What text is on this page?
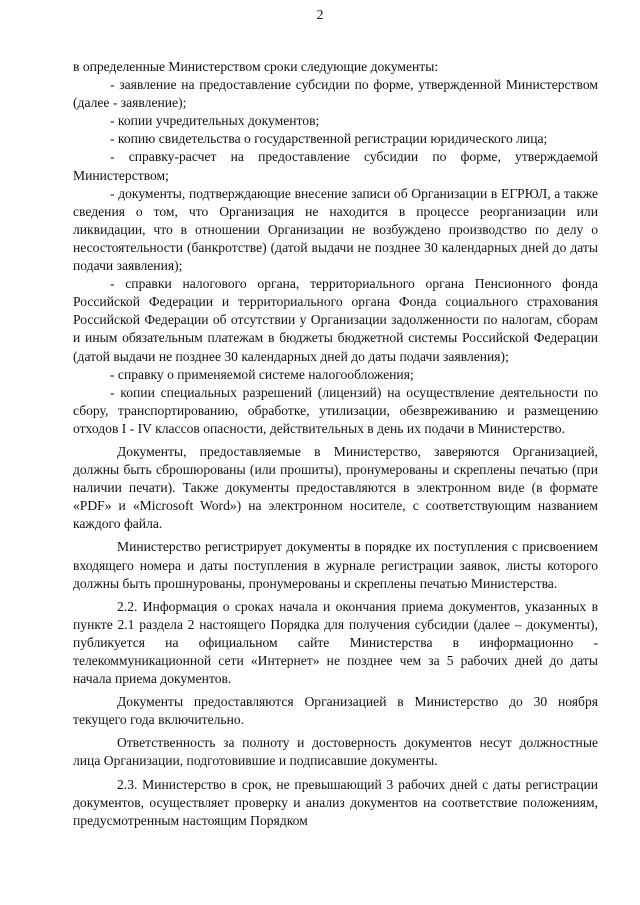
2

в определенные Министерством сроки следующие документы:

- заявление на предоставление субсидии по форме, утвержденной Министерством (далее - заявление);

- копии учредительных документов;

- копию свидетельства о государственной регистрации юридического лица;

- справку-расчет на предоставление субсидии по форме, утверждаемой Министерством;

- документы, подтверждающие внесение записи об Организации в ЕГРЮЛ, а также сведения о том, что Организация не находится в процессе реорганизации или ликвидации, что в отношении Организации не возбуждено производство по делу о несостоятельности (банкротстве) (датой выдачи не позднее 30 календарных дней до даты подачи заявления);

- справки налогового органа, территориального органа Пенсионного фонда Российской Федерации и территориального органа Фонда социального страхования Российской Федерации об отсутствии у Организации задолженности по налогам, сборам и иным обязательным платежам в бюджеты бюджетной системы Российской Федерации (датой выдачи не позднее 30 календарных дней до даты подачи заявления);

- справку о применяемой системе налогообложения;

- копии специальных разрешений (лицензий) на осуществление деятельности по сбору, транспортированию, обработке, утилизации, обезвреживанию и размещению отходов I - IV классов опасности, действительных в день их подачи в Министерство.

Документы, предоставляемые в Министерство, заверяются Организацией, должны быть сброшюрованы (или прошиты), пронумерованы и скреплены печатью (при наличии печати). Также документы предоставляются в электронном виде (в формате «PDF» и «Microsoft Word») на электронном носителе, с соответствующим названием каждого файла.

Министерство регистрирует документы в порядке их поступления с присвоением входящего номера и даты поступления в журнале регистрации заявок, листы которого должны быть прошнурованы, пронумерованы и скреплены печатью Министерства.

2.2. Информация о сроках начала и окончания приема документов, указанных в пункте 2.1 раздела 2 настоящего Порядка для получения субсидии (далее – документы), публикуется на официальном сайте Министерства в информационно - телекоммуникационной сети «Интернет» не позднее чем за 5 рабочих дней до даты начала приема документов.

Документы предоставляются Организацией в Министерство до 30 ноября текущего года включительно.

Ответственность за полноту и достоверность документов несут должностные лица Организации, подготовившие и подписавшие документы.

2.3. Министерство в срок, не превышающий 3 рабочих дней с даты регистрации документов, осуществляет проверку и анализ документов на соответствие положениям, предусмотренным настоящим Порядком
